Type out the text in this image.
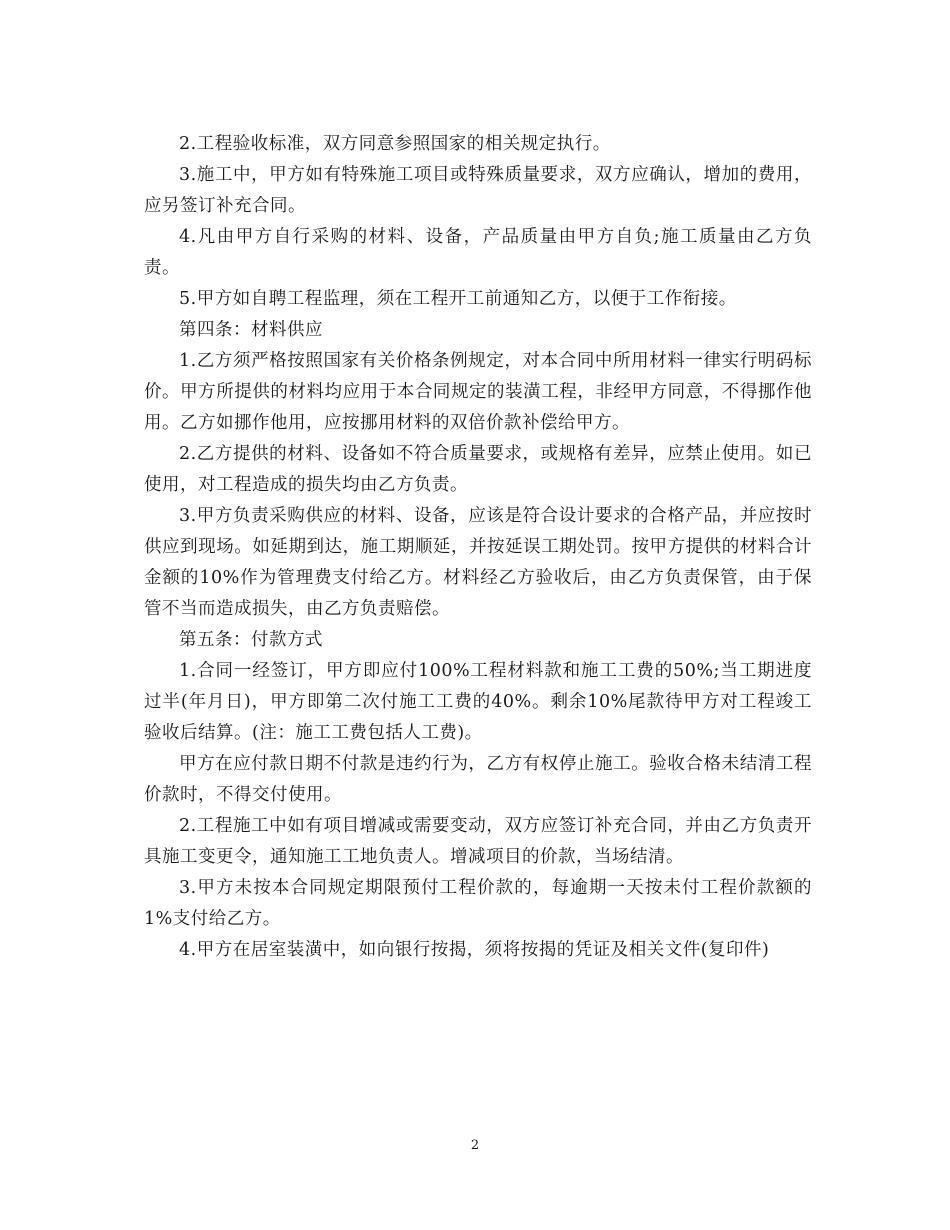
2.工程验收标准，双方同意参照国家的相关规定执行。

3.施工中，甲方如有特殊施工项目或特殊质量要求，双方应确认，增加的费用，应另签订补充合同。

4.凡由甲方自行采购的材料、设备，产品质量由甲方自负;施工质量由乙方负责。

5.甲方如自聘工程监理，须在工程开工前通知乙方，以便于工作衔接。

第四条：材料供应

1.乙方须严格按照国家有关价格条例规定，对本合同中所用材料一律实行明码标价。甲方所提供的材料均应用于本合同规定的装潢工程，非经甲方同意，不得挪作他用。乙方如挪作他用，应按挪用材料的双倍价款补偿给甲方。

2.乙方提供的材料、设备如不符合质量要求，或规格有差异，应禁止使用。如已使用，对工程造成的损失均由乙方负责。

3.甲方负责采购供应的材料、设备，应该是符合设计要求的合格产品，并应按时供应到现场。如延期到达，施工期顺延，并按延误工期处罚。按甲方提供的材料合计金额的10%作为管理费支付给乙方。材料经乙方验收后，由乙方负责保管，由于保管不当而造成损失，由乙方负责赔偿。

第五条：付款方式

1.合同一经签订，甲方即应付100%工程材料款和施工工费的50%;当工期进度过半(年月日)，甲方即第二次付施工工费的40%。剩余10%尾款待甲方对工程竣工验收后结算。(注：施工工费包括人工费)。

甲方在应付款日期不付款是违约行为，乙方有权停止施工。验收合格未结清工程价款时，不得交付使用。

2.工程施工中如有项目增减或需要变动，双方应签订补充合同，并由乙方负责开具施工变更令，通知施工工地负责人。增减项目的价款，当场结清。

3.甲方未按本合同规定期限预付工程价款的，每逾期一天按未付工程价款额的1%支付给乙方。

4.甲方在居室装潢中，如向银行按揭，须将按揭的凭证及相关文件(复印件)

2
